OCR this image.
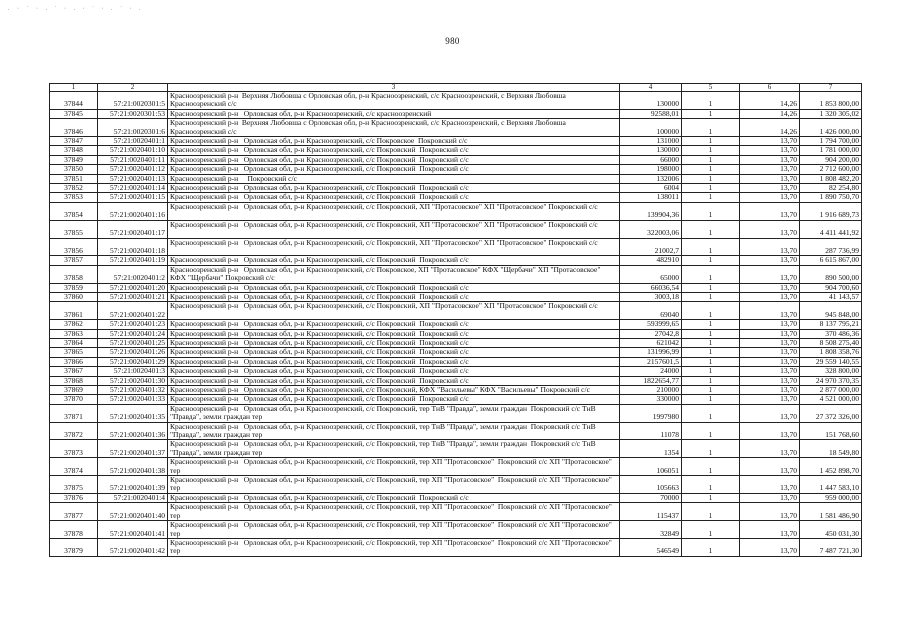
. · ˙ · . ˙ · . · ˙ · . ˙ · .
980
1	2	3	4	5	6	7
37844	57:21:0020301:5	Красноозренский р-н  Верхняя Любовша с Орловская обл, р-н Красноозренский, с/с Красноозренский, с Верхняя Любовша
Красноозренский с/с	130000	1	14,26	1 853 800,00
37845	57:21:0020301:53	Красноозренский р-н   Орловская обл, р-н Красноозренский, с/с красноозренский	92588,01	1	14,26	1 320 305,02
37846	57:21:0020301:6	Красноозренский р-н  Верхняя Любовша с Орловская обл, р-н Красноозренский, с/с Красноозренский, с Верхняя Любовша
Красноозренский с/с	100000	1	14,26	1 426 000,00
37847	57:21:0020401:1	Красноозренский р-н   Орловская обл, р-н Красноозренский, с/с Покровское  Покровский с/с	131000	1	13,70	1 794 700,00
37848	57:21:0020401:10	Красноозренский р-н   Орловская обл, р-н Красноозренский, с/с Покровский  Покровский с/с	130000	1	13,70	1 781 000,00
37849	57:21:0020401:11	Красноозренский р-н   Орловская обл, р-н Красноозренский, с/с Покровский  Покровский с/с	66000	1	13,70	904 200,00
37850	57:21:0020401:12	Красноозренский р-н   Орловская обл, р-н Красноозренский, с/с Покровский  Покровский с/с	198000	1	13,70	2 712 600,00
37851	57:21:0020401:13	Красноозренский р-н     Покровский с/с	132006	1	13,70	1 808 482,20
37852	57:21:0020401:14	Красноозренский р-н   Орловская обл, р-н Красноозренский, с/с Покровский  Покровский с/с	6004	1	13,70	82 254,80
37853	57:21:0020401:15	Красноозренский р-н   Орловская обл, р-н Красноозренский, с/с Покровский  Покровский с/с	138011	1	13,70	1 890 750,70
37854	57:21:0020401:16	Красноозренский р-н   Орловская обл, р-н Красноозренский, с/с Покровский, ХП "Протасовское" ХП "Протасовское" Покровский с/с	139904,36	1	13,70	1 916 689,73
37855	57:21:0020401:17	Красноозренский р-н   Орловская обл, р-н Красноозренский, с/с Покровский, ХП "Протасовское" ХП "Протасовское" Покровский с/с	322003,06	1	13,70	4 411 441,92
37856	57:21:0020401:18	Красноозренский р-н   Орловская обл, р-н Красноозренский, с/с Покровский, ХП "Протасовское" ХП "Протасовское" Покровский с/с	21002,7	1	13,70	287 736,99
37857	57:21:0020401:19	Красноозренский р-н   Орловская обл, р-н Красноозренский, с/с Покровский  Покровский с/с	482910	1	13,70	6 615 867,00
37858	57:21:0020401:2	Красноозренский р-н   Орловская обл, р-н Красноозренский, с/с Покровское, ХП "Протасовское" КФХ "Щербачи" ХП "Протасовское"
КФХ "Щербачи" Покровский с/с	65000	1	13,70	890 500,00
37859	57:21:0020401:20	Красноозренский р-н   Орловская обл, р-н Красноозренский, с/с Покровский  Покровский с/с	66036,54	1	13,70	904 700,60
37860	57:21:0020401:21	Красноозренский р-н   Орловская обл, р-н Красноозренский, с/с Покровский  Покровский с/с	3003,18	1	13,70	41 143,57
37861	57:21:0020401:22	Красноозренский р-н   Орловская обл, р-н Красноозренский, с/с Покровский, ХП "Протасовское" ХП "Протасовское" Покровский с/с	69040	1	13,70	945 848,00
37862	57:21:0020401:23	Красноозренский р-н   Орловская обл, р-н Красноозренский, с/с Покровский  Покровский с/с	593999,65	1	13,70	8 137 795,21
37863	57:21:0020401:24	Красноозренский р-н   Орловская обл, р-н Красноозренский, с/с Покровский  Покровский с/с	27042,8	1	13,70	370 486,36
37864	57:21:0020401:25	Красноозренский р-н   Орловская обл, р-н Красноозренский, с/с Покровский  Покровский с/с	621042	1	13,70	8 508 275,40
37865	57:21:0020401:26	Красноозренский р-н   Орловская обл, р-н Красноозренский, с/с Покровский  Покровский с/с	131996,99	1	13,70	1 808 358,76
37866	57:21:0020401:29	Красноозренский р-н   Орловская обл, р-н Красноозренский, с/с Покровский  Покровский с/с	2157601,5	1	13,70	29 559 140,55
37867	57:21:0020401:3	Красноозренский р-н   Орловская обл, р-н Красноозренский, с/с Покровский  Покровский с/с	24000	1	13,70	328 800,00
37868	57:21:0020401:30	Красноозренский р-н   Орловская обл, р-н Красноозренский, с/с Покровский  Покровский с/с	1822654,77	1	13,70	24 970 370,35
37869	57:21:0020401:32	Красноозренский р-н   Орловская обл, р-н Красноозренский, с/с Покровский, КФХ "Васильевы" КФХ "Васильевы" Покровский с/с	210000	1	13,70	2 877 000,00
37870	57:21:0020401:33	Красноозренский р-н   Орловская обл, р-н Красноозренский, с/с Покровский  Покровский с/с	330000	1	13,70	4 521 000,00
37871	57:21:0020401:35	Красноозренский р-н   Орловская обл, р-н Красноозренский, с/с Покровский, тер ТнВ "Правда", земли граждан  Покровский с/с ТнВ
"Правда", земли граждан тер	1997980	1	13,70	27 372 326,00
37872	57:21:0020401:36	Красноозренский р-н   Орловская обл, р-н Красноозренский, с/с Покровский, тер ТнВ "Правда", земли граждан  Покровский с/с ТнВ
"Правда", земли граждан тер	11078	1	13,70	151 768,60
37873	57:21:0020401:37	Красноозренский р-н   Орловская обл, р-н Красноозренский, с/с Покровский, тер ТнВ "Правда", земли граждан  Покровский с/с ТнВ
"Правда", земли граждан тер	1354	1	13,70	18 549,80
37874	57:21:0020401:38	Красноозренский р-н   Орловская обл, р-н Красноозренский, с/с Покровский, тер ХП "Протасовское"  Покровский с/с ХП "Протасовское"
тер	106051	1	13,70	1 452 898,70
37875	57:21:0020401:39	Красноозренский р-н   Орловская обл, р-н Красноозренский, с/с Покровский, тер ХП "Протасовское"  Покровский с/с ХП "Протасовское"
тер	105663	1	13,70	1 447 583,10
37876	57:21:0020401:4	Красноозренский р-н   Орловская обл, р-н Красноозренский, с/с Покровский  Покровский с/с	70000	1	13,70	959 000,00
37877	57:21:0020401:40	Красноозренский р-н   Орловская обл, р-н Красноозренский, с/с Покровский, тер ХП "Протасовское"  Покровский с/с ХП "Протасовское"
тер	115437	1	13,70	1 581 486,90
37878	57:21:0020401:41	Красноозренский р-н   Орловская обл, р-н Красноозренский, с/с Покровский, тер ХП "Протасовское"  Покровский с/с ХП "Протасовское"
тер	32849	1	13,70	450 031,30
37879	57:21:0020401:42	Красноозренский р-н   Орловская обл, р-н Красноозренский, с/с Покровский, тер ХП "Протасовское"  Покровский с/с ХП "Протасовское"
тер	546549	1	13,70	7 487 721,30
